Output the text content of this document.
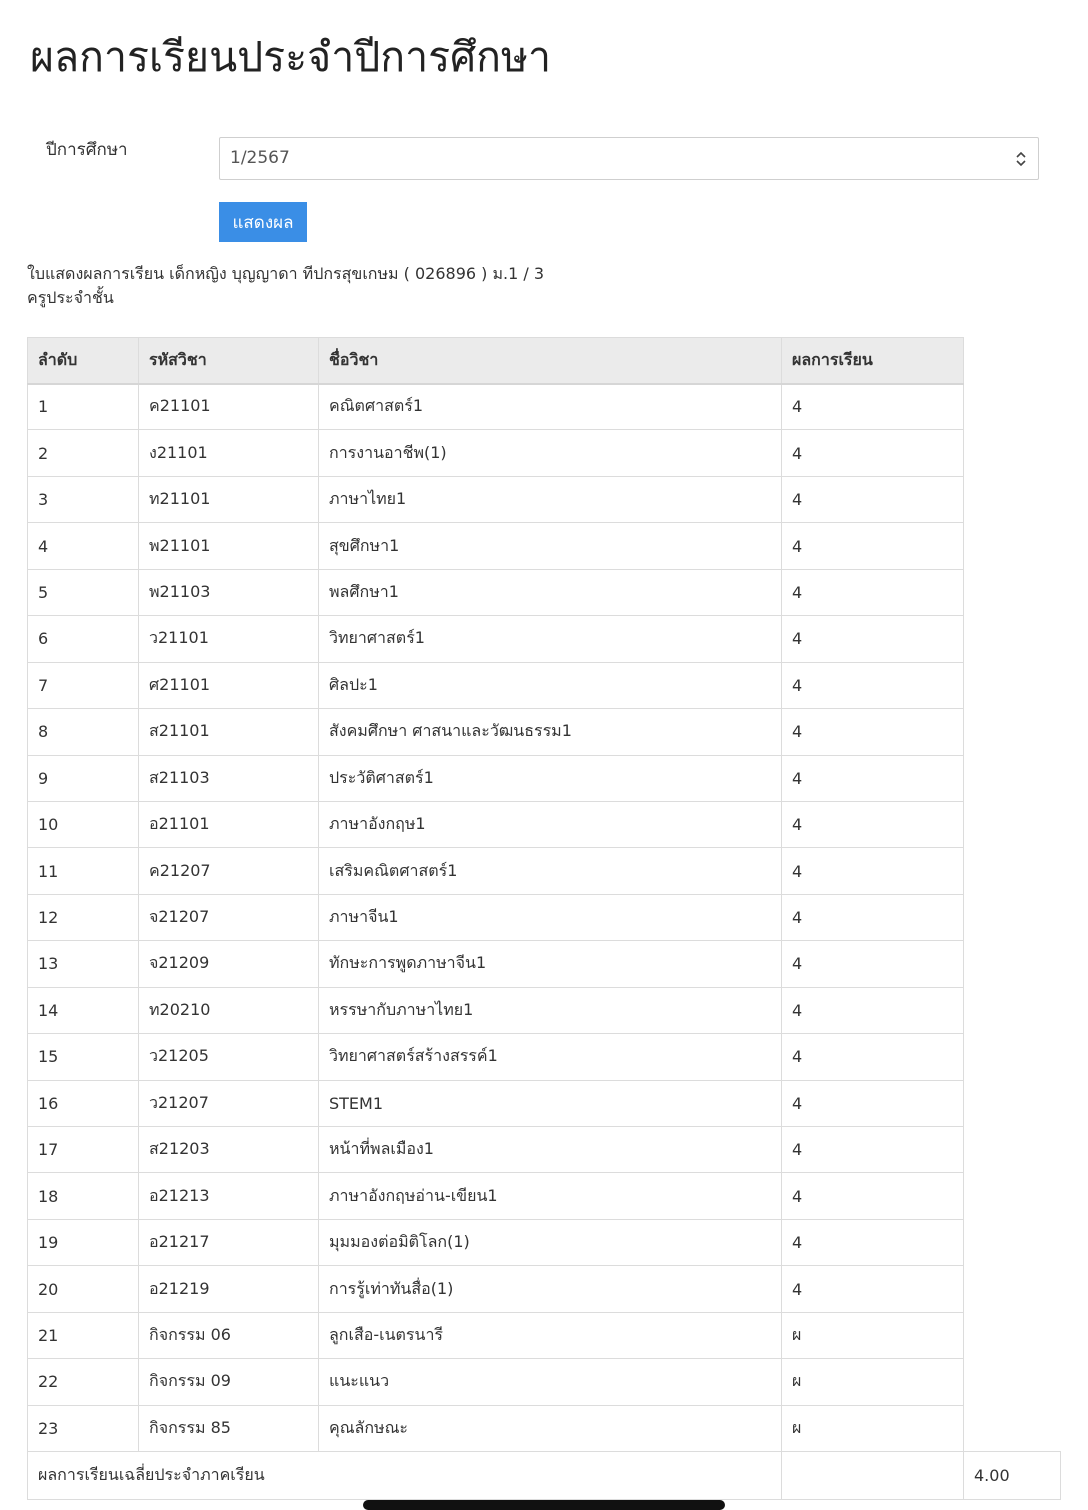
ผลการเรียนประจำปีการศึกษา
ปีการศึกษา	1/2567
แสดงผล
ใบแสดงผลการเรียน เด็กหญิง บุญญาดา ทีปกรสุขเกษม ( 026896 ) ม.1 / 3
ครูประจำชั้น
ลำดับ	รหัสวิชา	ชื่อวิชา	ผลการเรียน
1	ค21101	คณิตศาสตร์1	4
2	ง21101	การงานอาชีพ(1)	4
3	ท21101	ภาษาไทย1	4
4	พ21101	สุขศึกษา1	4
5	พ21103	พลศึกษา1	4
6	ว21101	วิทยาศาสตร์1	4
7	ศ21101	ศิลปะ1	4
8	ส21101	สังคมศึกษา ศาสนาและวัฒนธรรม1	4
9	ส21103	ประวัติศาสตร์1	4
10	อ21101	ภาษาอังกฤษ1	4
11	ค21207	เสริมคณิตศาสตร์1	4
12	จ21207	ภาษาจีน1	4
13	จ21209	ทักษะการพูดภาษาจีน1	4
14	ท20210	หรรษากับภาษาไทย1	4
15	ว21205	วิทยาศาสตร์สร้างสรรค์1	4
16	ว21207	STEM1	4
17	ส21203	หน้าที่พลเมือง1	4
18	อ21213	ภาษาอังกฤษอ่าน-เขียน1	4
19	อ21217	มุมมองต่อมิติโลก(1)	4
20	อ21219	การรู้เท่าทันสื่อ(1)	4
21	กิจกรรม 06	ลูกเสือ-เนตรนารี	ผ
22	กิจกรรม 09	แนะแนว	ผ
23	กิจกรรม 85	คุณลักษณะ	ผ
ผลการเรียนเฉลี่ยประจำภาคเรียน		4.00
